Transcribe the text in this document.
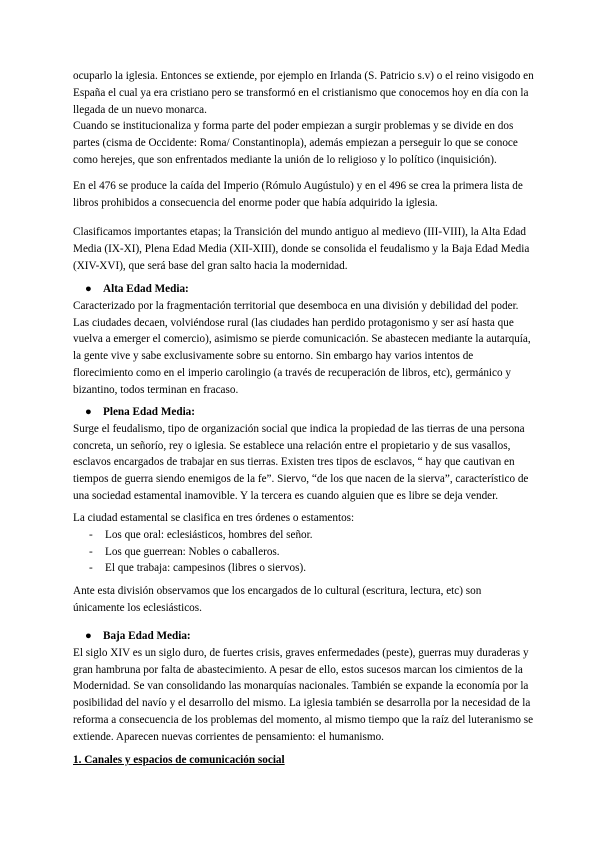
ocuparlo la iglesia. Entonces se extiende, por ejemplo en Irlanda (S. Patricio s.v) o el reino visigodo en España el cual ya era cristiano pero se transformó en el cristianismo que conocemos hoy en día con la llegada de un nuevo monarca.

Cuando se institucionaliza y forma parte del poder empiezan a surgir problemas y se divide en dos partes (cisma de Occidente: Roma/ Constantinopla), además empiezan a perseguir lo que se conoce como herejes, que son enfrentados mediante la unión de lo religioso y lo político (inquisición).

En el 476 se produce la caída del Imperio (Rómulo Augústulo) y en el 496 se crea la primera lista de libros prohibidos a consecuencia del enorme poder que había adquirido la iglesia.

Clasificamos importantes etapas; la Transición del mundo antiguo al medievo (III-VIII), la Alta Edad Media (IX-XI), Plena Edad Media (XII-XIII), donde se consolida el feudalismo y la Baja Edad Media (XIV-XVI), que será base del gran salto hacia la modernidad.

● Alta Edad Media:

Caracterizado por la fragmentación territorial que desemboca en una división y debilidad del poder. Las ciudades decaen, volviéndose rural (las ciudades han perdido protagonismo y ser así hasta que vuelva a emerger el comercio), asimismo se pierde comunicación. Se abastecen mediante la autarquía, la gente vive y sabe exclusivamente sobre su entorno. Sin embargo hay varios intentos de florecimiento como en el imperio carolingio (a través de recuperación de libros, etc), germánico y bizantino, todos terminan en fracaso.

● Plena Edad Media:

Surge el feudalismo, tipo de organización social que indica la propiedad de las tierras de una persona concreta, un señorío, rey o iglesia. Se establece una relación entre el propietario y de sus vasallos, esclavos encargados de trabajar en sus tierras. Existen tres tipos de esclavos, “ hay que cautivan en tiempos de guerra siendo enemigos de la fe”. Siervo, “de los que nacen de la sierva”, característico de una sociedad estamental inamovible. Y la tercera es cuando alguien que es libre se deja vender.

La ciudad estamental se clasifica en tres órdenes o estamentos:

- Los que oral: eclesiásticos, hombres del señor.
- Los que guerrean: Nobles o caballeros.
- El que trabaja: campesinos (libres o siervos).

Ante esta división observamos que los encargados de lo cultural (escritura, lectura, etc) son únicamente los eclesiásticos.

● Baja Edad Media:

El siglo XIV es un siglo duro, de fuertes crisis, graves enfermedades (peste), guerras muy duraderas y gran hambruna por falta de abastecimiento. A pesar de ello, estos sucesos marcan los cimientos de la Modernidad. Se van consolidando las monarquías nacionales. También se expande la economía por la posibilidad del navío y el desarrollo del mismo. La iglesia también se desarrolla por la necesidad de la reforma a consecuencia de los problemas del momento, al mismo tiempo que la raíz del luteranismo se extiende. Aparecen nuevas corrientes de pensamiento: el humanismo.

1. Canales y espacios de comunicación social
